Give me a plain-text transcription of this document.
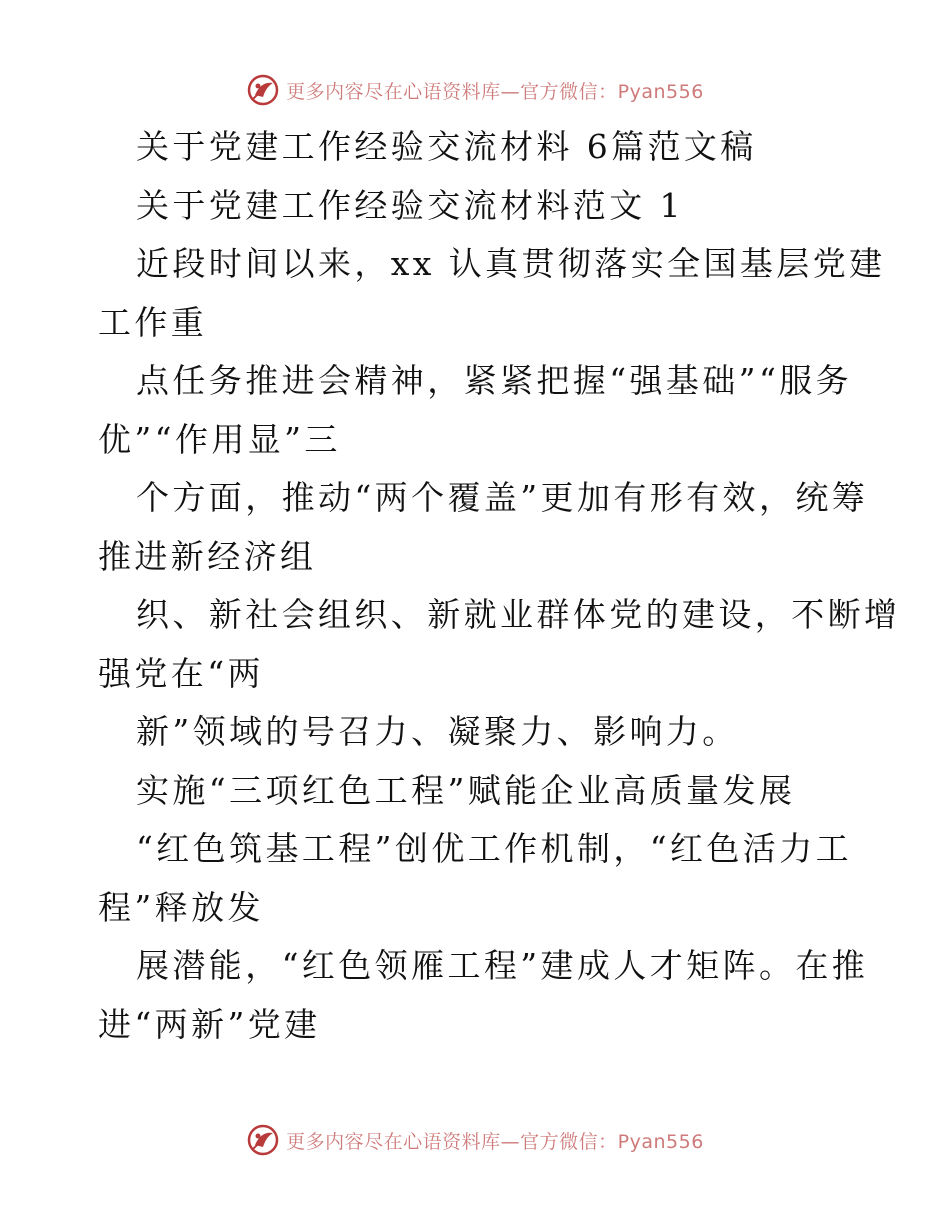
更多内容尽在心语资料库—官方微信：Pyan556
关于党建工作经验交流材料 6篇范文稿
关于党建工作经验交流材料范文 1
近段时间以来，xx 认真贯彻落实全国基层党建
工作重
点任务推进会精神，紧紧把握“强基础”“服务
优”“作用显”三
个方面，推动“两个覆盖”更加有形有效，统筹
推进新经济组
织、新社会组织、新就业群体党的建设，不断增
强党在“两
新”领域的号召力、凝聚力、影响力。
实施“三项红色工程”赋能企业高质量发展
“红色筑基工程”创优工作机制，“红色活力工
程”释放发
展潜能，“红色领雁工程”建成人才矩阵。在推
进“两新”党建
更多内容尽在心语资料库—官方微信：Pyan556
